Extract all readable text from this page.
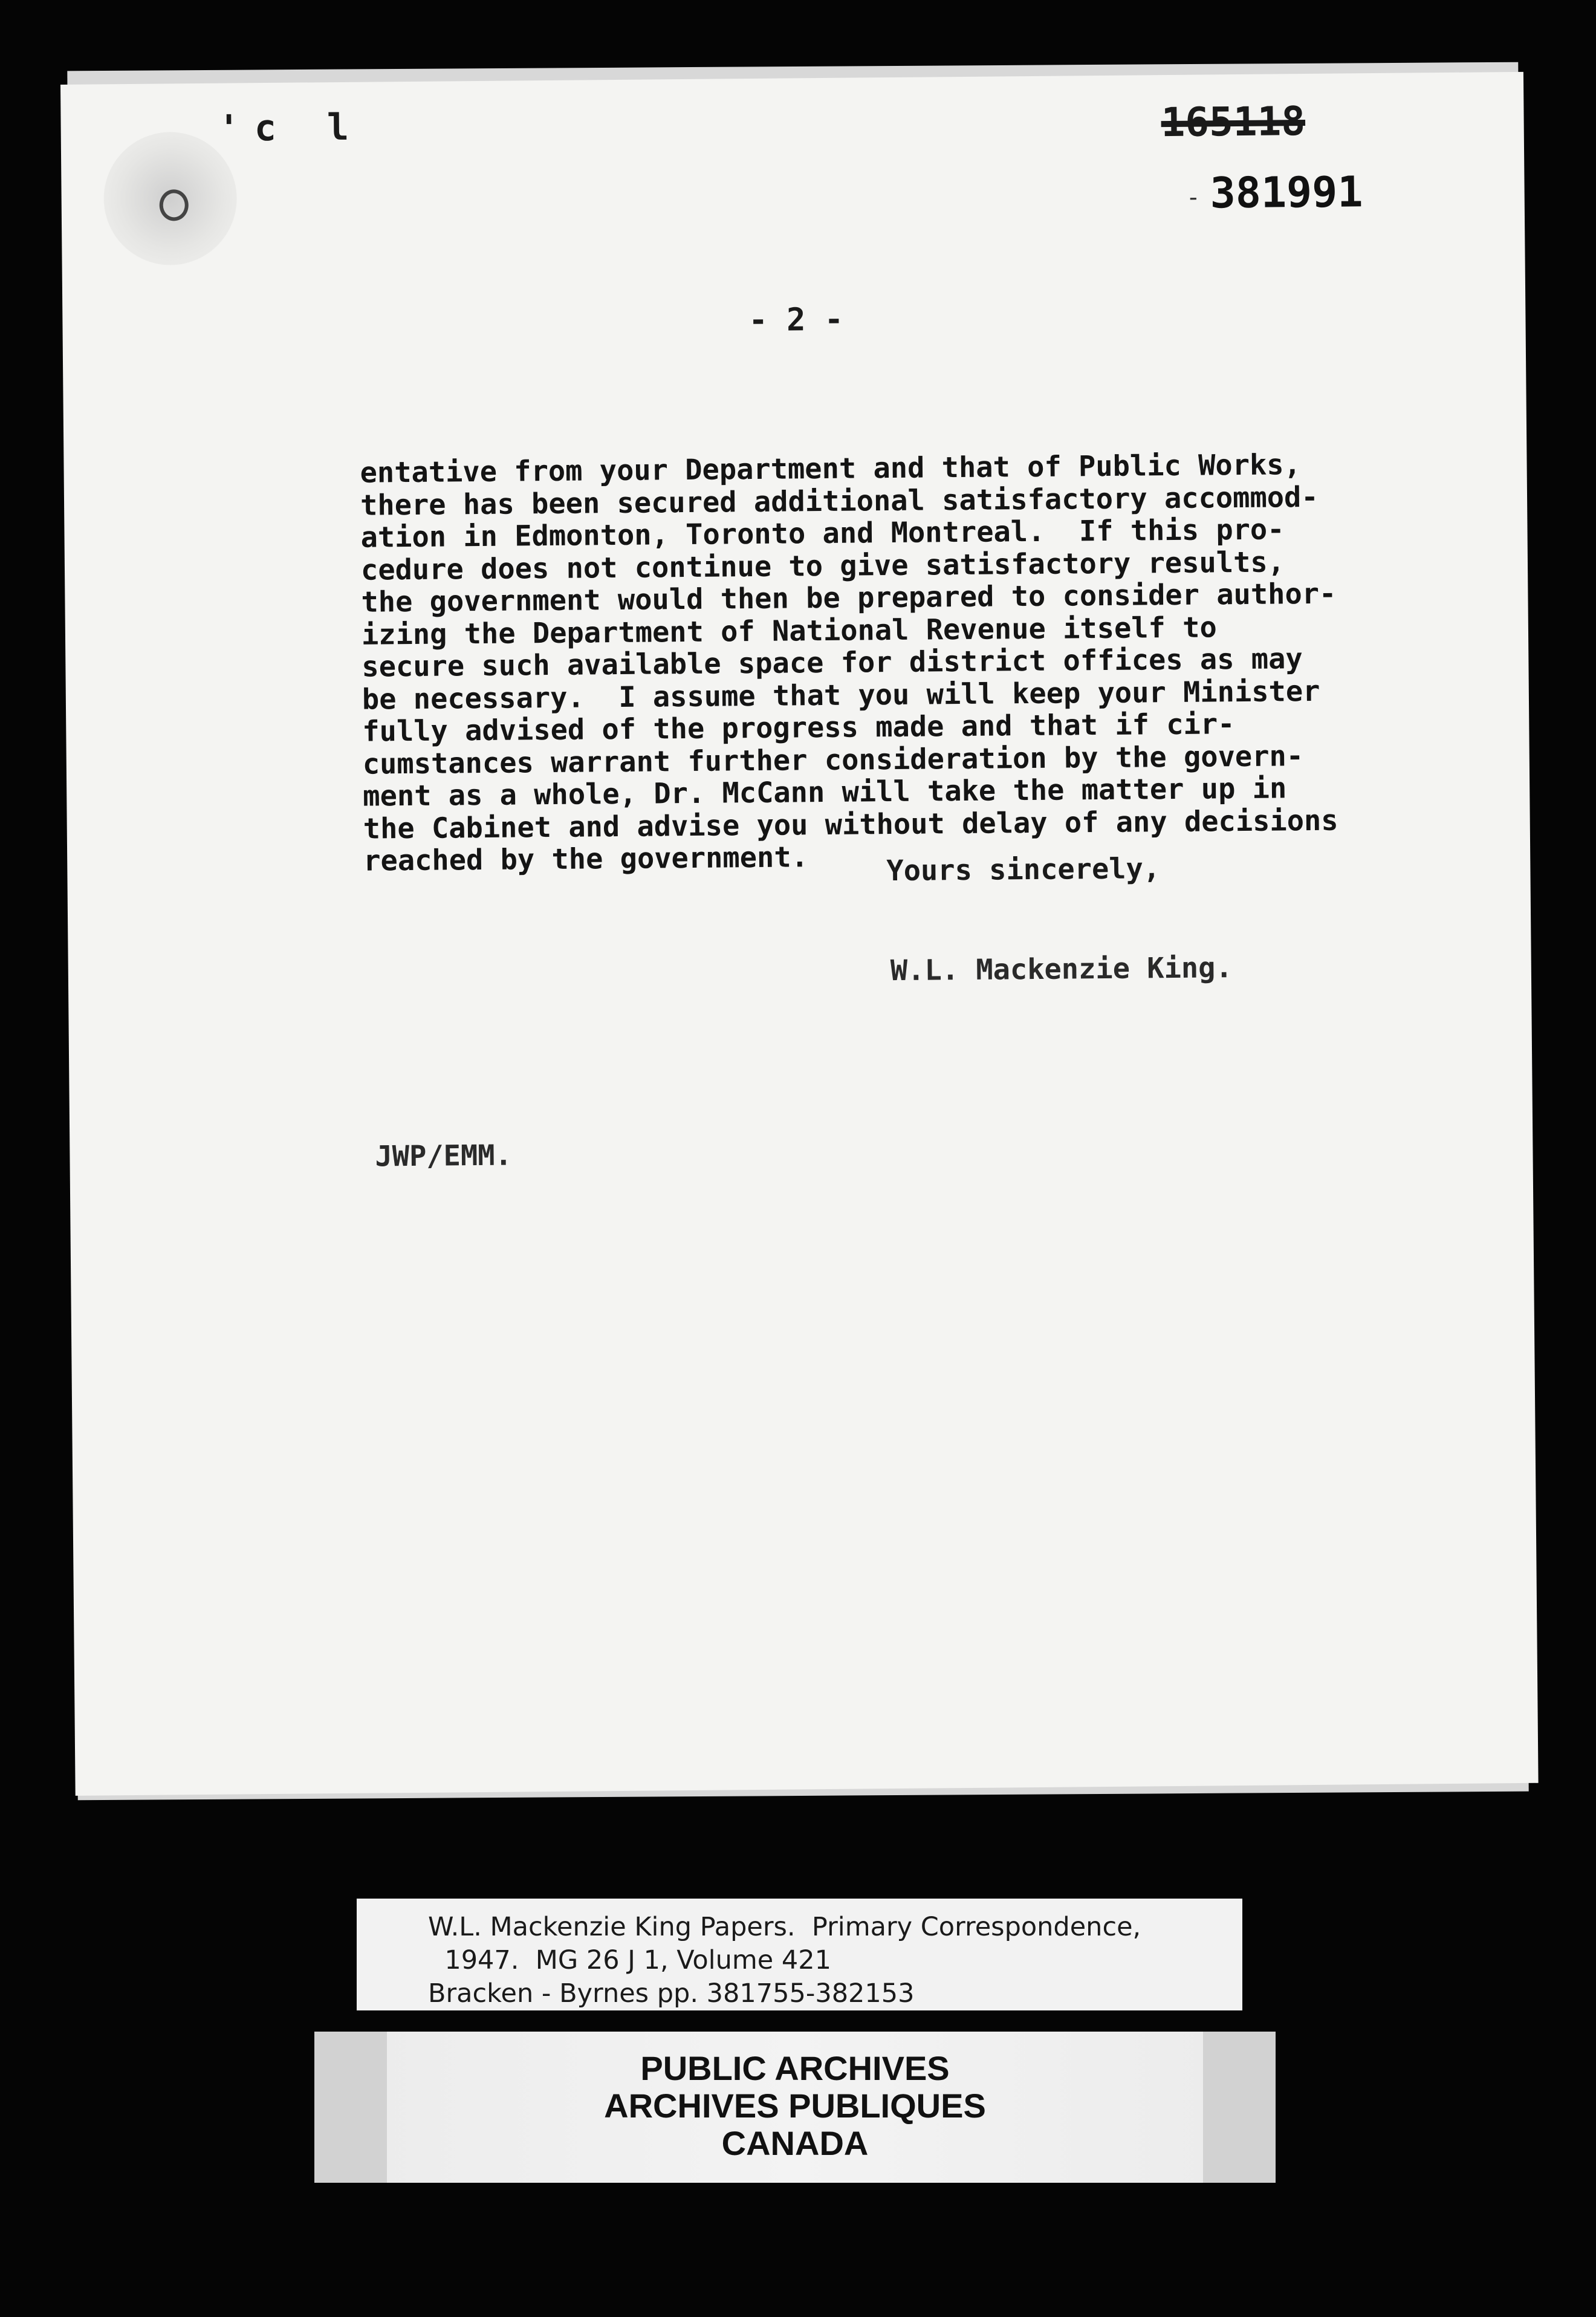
'c l	165118
- 381991
- 2 -
entative from your Department and that of Public Works,
there has been secured additional satisfactory accommod-
ation in Edmonton, Toronto and Montreal.  If this pro-
cedure does not continue to give satisfactory results,
the government would then be prepared to consider author-
izing the Department of National Revenue itself to
secure such available space for district offices as may
be necessary.  I assume that you will keep your Minister
fully advised of the progress made and that if cir-
cumstances warrant further consideration by the govern-
ment as a whole, Dr. McCann will take the matter up in
the Cabinet and advise you without delay of any decisions
reached by the government.	Yours sincerely,
W.L. Mackenzie King.
JWP/EMM.
W.L. Mackenzie King Papers.  Primary Correspondence,
1947.  MG 26 J 1, Volume 421
Bracken - Byrnes pp. 381755-382153
PUBLIC ARCHIVES
ARCHIVES PUBLIQUES
CANADA
